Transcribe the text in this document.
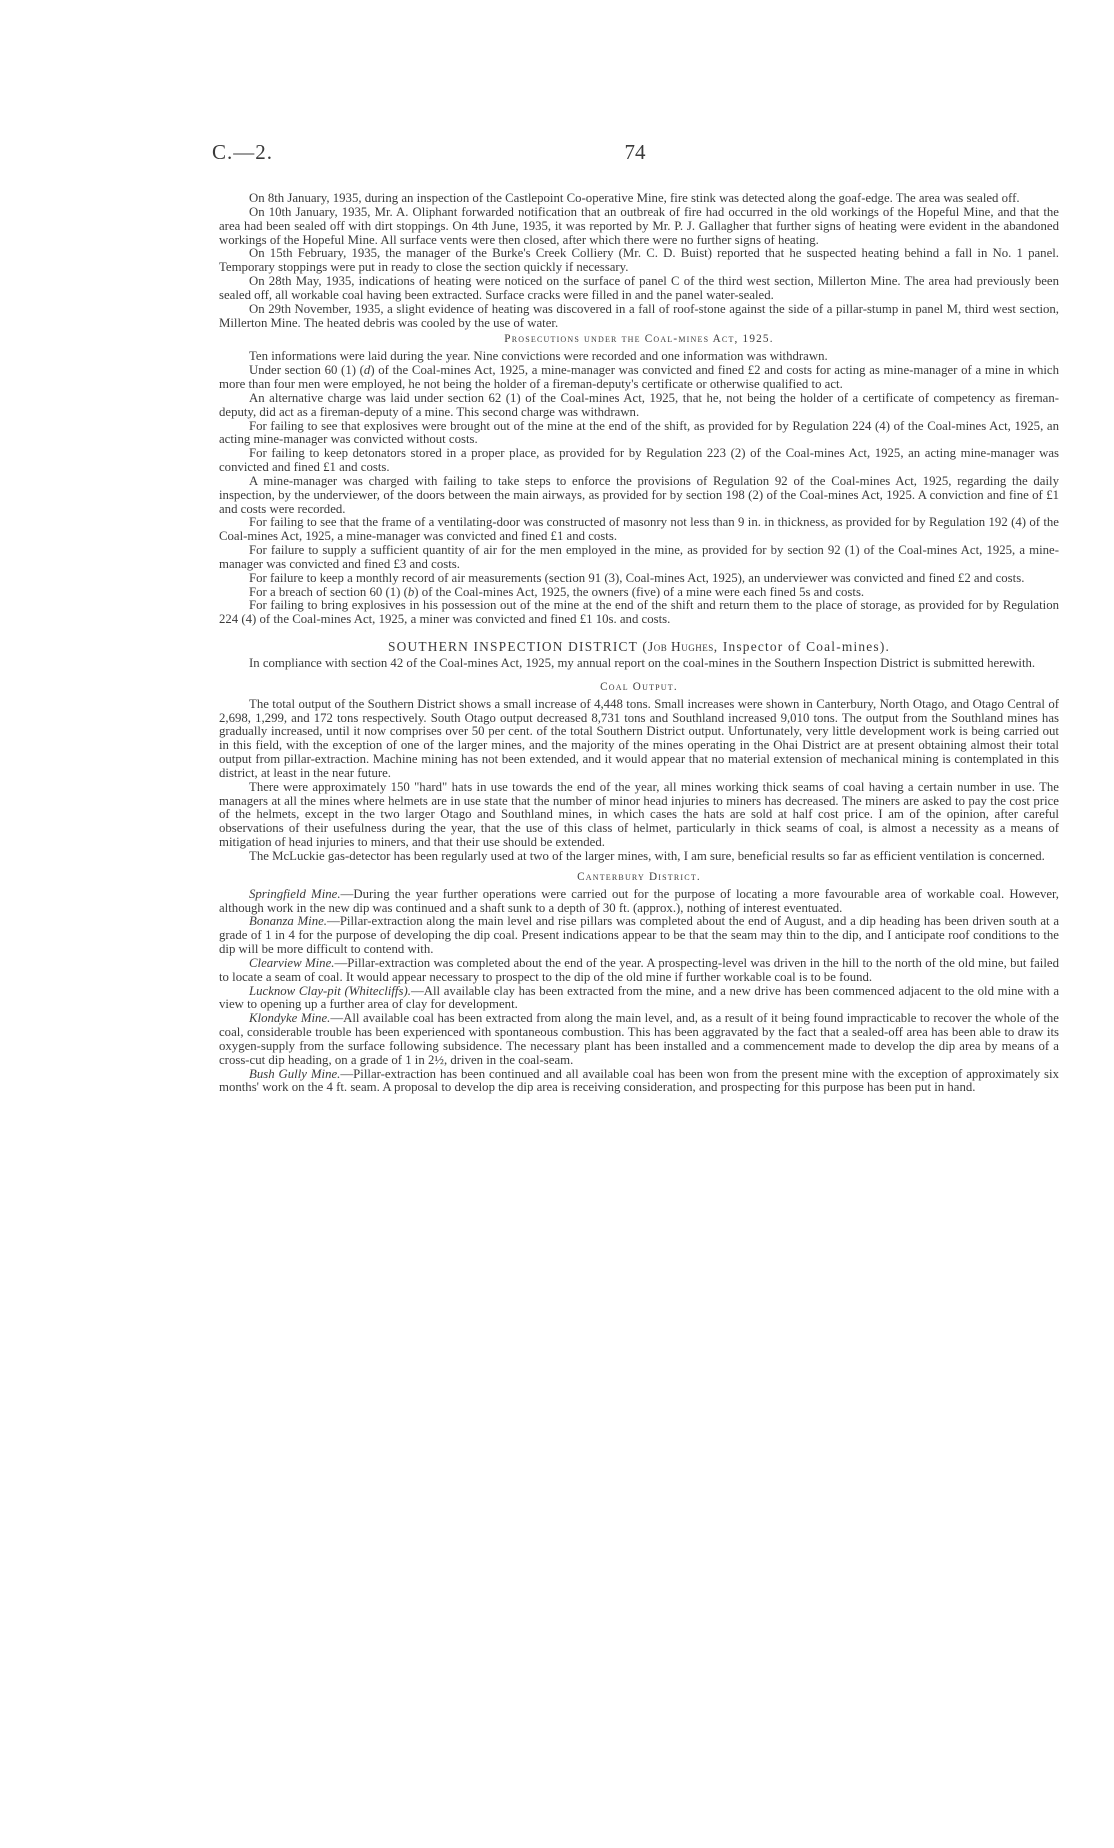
C.—2.	74

On 8th January, 1935, during an inspection of the Castlepoint Co-operative Mine, fire stink was detected along the goaf-edge. The area was sealed off.

On 10th January, 1935, Mr. A. Oliphant forwarded notification that an outbreak of fire had occurred in the old workings of the Hopeful Mine, and that the area had been sealed off with dirt stoppings. On 4th June, 1935, it was reported by Mr. P. J. Gallagher that further signs of heating were evident in the abandoned workings of the Hopeful Mine. All surface vents were then closed, after which there were no further signs of heating.

On 15th February, 1935, the manager of the Burke's Creek Colliery (Mr. C. D. Buist) reported that he suspected heating behind a fall in No. 1 panel. Temporary stoppings were put in ready to close the section quickly if necessary.

On 28th May, 1935, indications of heating were noticed on the surface of panel C of the third west section, Millerton Mine. The area had previously been sealed off, all workable coal having been extracted. Surface cracks were filled in and the panel water-sealed.

On 29th November, 1935, a slight evidence of heating was discovered in a fall of roof-stone against the side of a pillar-stump in panel M, third west section, Millerton Mine. The heated debris was cooled by the use of water.

Prosecutions under the Coal-mines Act, 1925.

Ten informations were laid during the year. Nine convictions were recorded and one information was withdrawn.

Under section 60 (1) (d) of the Coal-mines Act, 1925, a mine-manager was convicted and fined £2 and costs for acting as mine-manager of a mine in which more than four men were employed, he not being the holder of a fireman-deputy's certificate or otherwise qualified to act.

An alternative charge was laid under section 62 (1) of the Coal-mines Act, 1925, that he, not being the holder of a certificate of competency as fireman-deputy, did act as a fireman-deputy of a mine. This second charge was withdrawn.

For failing to see that explosives were brought out of the mine at the end of the shift, as provided for by Regulation 224 (4) of the Coal-mines Act, 1925, an acting mine-manager was convicted without costs.

For failing to keep detonators stored in a proper place, as provided for by Regulation 223 (2) of the Coal-mines Act, 1925, an acting mine-manager was convicted and fined £1 and costs.

A mine-manager was charged with failing to take steps to enforce the provisions of Regulation 92 of the Coal-mines Act, 1925, regarding the daily inspection, by the underviewer, of the doors between the main airways, as provided for by section 198 (2) of the Coal-mines Act, 1925. A conviction and fine of £1 and costs were recorded.

For failing to see that the frame of a ventilating-door was constructed of masonry not less than 9 in. in thickness, as provided for by Regulation 192 (4) of the Coal-mines Act, 1925, a mine-manager was convicted and fined £1 and costs.

For failure to supply a sufficient quantity of air for the men employed in the mine, as provided for by section 92 (1) of the Coal-mines Act, 1925, a mine-manager was convicted and fined £3 and costs.

For failure to keep a monthly record of air measurements (section 91 (3), Coal-mines Act, 1925), an underviewer was convicted and fined £2 and costs.

For a breach of section 60 (1) (b) of the Coal-mines Act, 1925, the owners (five) of a mine were each fined 5s and costs.

For failing to bring explosives in his possession out of the mine at the end of the shift and return them to the place of storage, as provided for by Regulation 224 (4) of the Coal-mines Act, 1925, a miner was convicted and fined £1 10s. and costs.

SOUTHERN INSPECTION DISTRICT (Job Hughes, Inspector of Coal-mines).

In compliance with section 42 of the Coal-mines Act, 1925, my annual report on the coal-mines in the Southern Inspection District is submitted herewith.

Coal Output.

The total output of the Southern District shows a small increase of 4,448 tons. Small increases were shown in Canterbury, North Otago, and Otago Central of 2,698, 1,299, and 172 tons respectively. South Otago output decreased 8,731 tons and Southland increased 9,010 tons. The output from the Southland mines has gradually increased, until it now comprises over 50 per cent. of the total Southern District output. Unfortunately, very little development work is being carried out in this field, with the exception of one of the larger mines, and the majority of the mines operating in the Ohai District are at present obtaining almost their total output from pillar-extraction. Machine mining has not been extended, and it would appear that no material extension of mechanical mining is contemplated in this district, at least in the near future.

There were approximately 150 "hard" hats in use towards the end of the year, all mines working thick seams of coal having a certain number in use. The managers at all the mines where helmets are in use state that the number of minor head injuries to miners has decreased. The miners are asked to pay the cost price of the helmets, except in the two larger Otago and Southland mines, in which cases the hats are sold at half cost price. I am of the opinion, after careful observations of their usefulness during the year, that the use of this class of helmet, particularly in thick seams of coal, is almost a necessity as a means of mitigation of head injuries to miners, and that their use should be extended.

The McLuckie gas-detector has been regularly used at two of the larger mines, with, I am sure, beneficial results so far as efficient ventilation is concerned.

Canterbury District.

Springfield Mine.—During the year further operations were carried out for the purpose of locating a more favourable area of workable coal. However, although work in the new dip was continued and a shaft sunk to a depth of 30 ft. (approx.), nothing of interest eventuated.

Bonanza Mine.—Pillar-extraction along the main level and rise pillars was completed about the end of August, and a dip heading has been driven south at a grade of 1 in 4 for the purpose of developing the dip coal. Present indications appear to be that the seam may thin to the dip, and I anticipate roof conditions to the dip will be more difficult to contend with.

Clearview Mine.—Pillar-extraction was completed about the end of the year. A prospecting-level was driven in the hill to the north of the old mine, but failed to locate a seam of coal. It would appear necessary to prospect to the dip of the old mine if further workable coal is to be found.

Lucknow Clay-pit (Whitecliffs).—All available clay has been extracted from the mine, and a new drive has been commenced adjacent to the old mine with a view to opening up a further area of clay for development.

Klondyke Mine.—All available coal has been extracted from along the main level, and, as a result of it being found impracticable to recover the whole of the coal, considerable trouble has been experienced with spontaneous combustion. This has been aggravated by the fact that a sealed-off area has been able to draw its oxygen-supply from the surface following subsidence. The necessary plant has been installed and a commencement made to develop the dip area by means of a cross-cut dip heading, on a grade of 1 in 2½, driven in the coal-seam.

Bush Gully Mine.—Pillar-extraction has been continued and all available coal has been won from the present mine with the exception of approximately six months' work on the 4 ft. seam. A proposal to develop the dip area is receiving consideration, and prospecting for this purpose has been put in hand.
